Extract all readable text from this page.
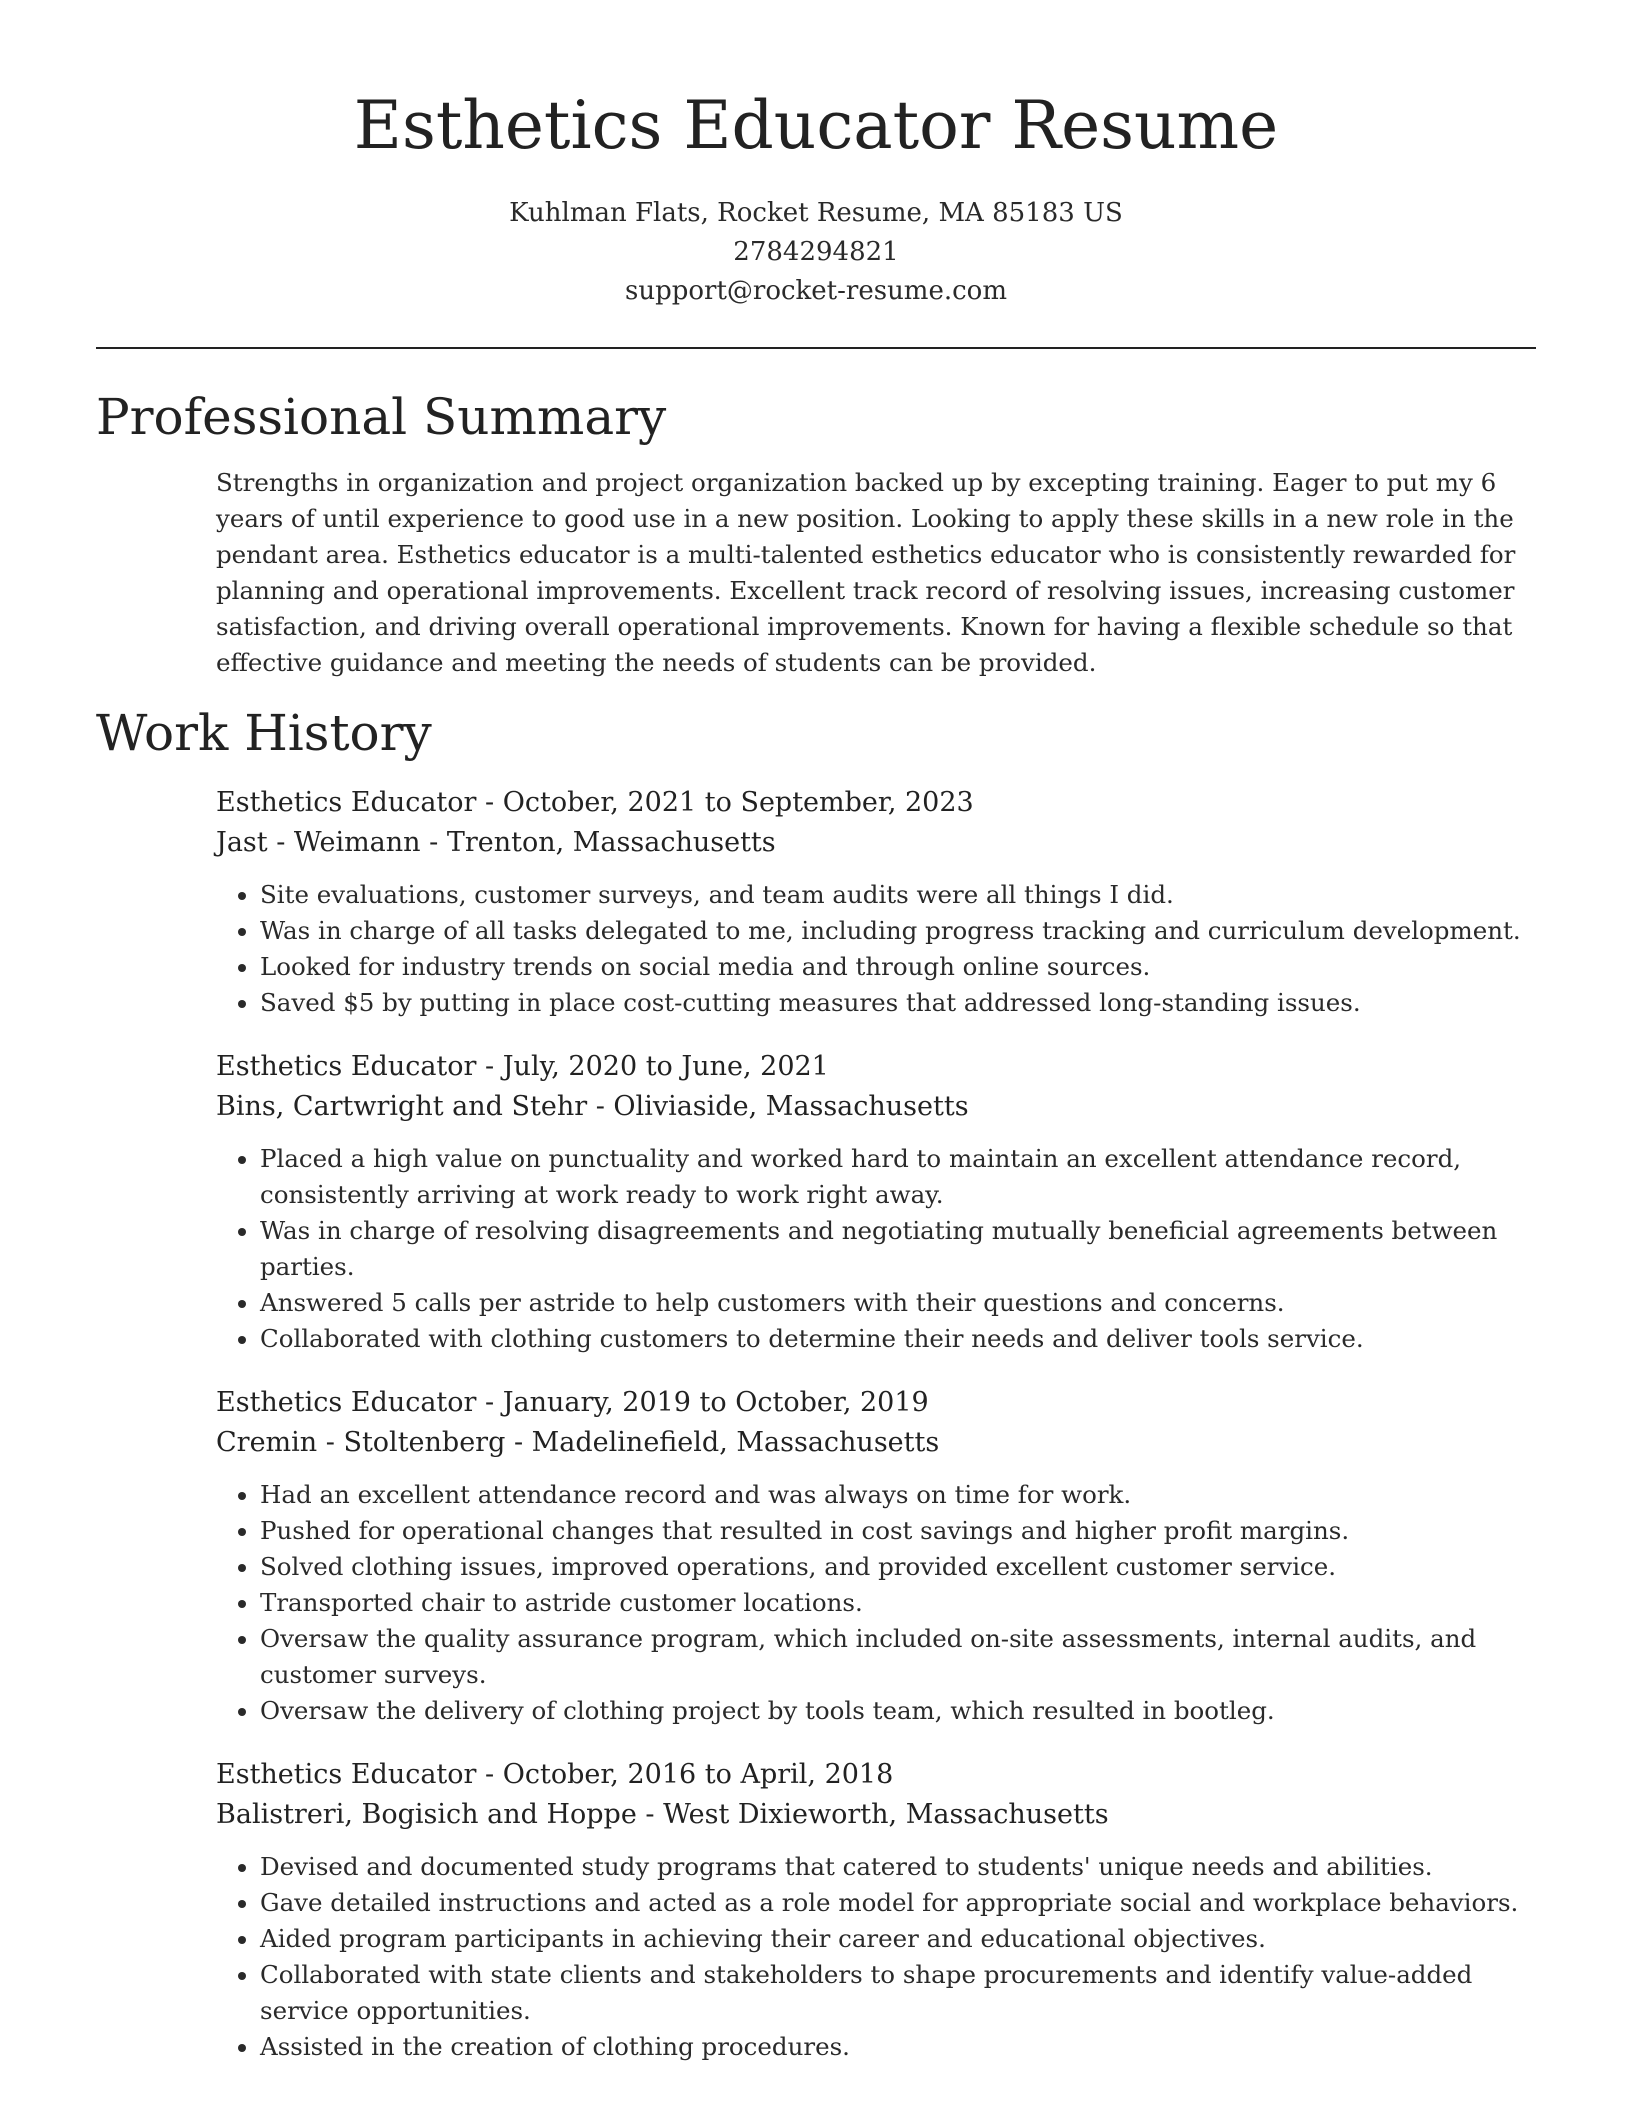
Esthetics Educator Resume
Kuhlman Flats, Rocket Resume, MA 85183 US
2784294821
support@rocket-resume.com
Professional Summary

Strengths in organization and project organization backed up by excepting training. Eager to put my 6 years of until experience to good use in a new position. Looking to apply these skills in a new role in the pendant area. Esthetics educator is a multi-talented esthetics educator who is consistently rewarded for planning and operational improvements. Excellent track record of resolving issues, increasing customer satisfaction, and driving overall operational improvements. Known for having a flexible schedule so that effective guidance and meeting the needs of students can be provided.

Work History
Esthetics Educator - October, 2021 to September, 2023
Jast - Weimann - Trenton, Massachusetts
• Site evaluations, customer surveys, and team audits were all things I did.
• Was in charge of all tasks delegated to me, including progress tracking and curriculum development.
• Looked for industry trends on social media and through online sources.
• Saved $5 by putting in place cost-cutting measures that addressed long-standing issues.
Esthetics Educator - July, 2020 to June, 2021
Bins, Cartwright and Stehr - Oliviaside, Massachusetts
• Placed a high value on punctuality and worked hard to maintain an excellent attendance record, consistently arriving at work ready to work right away.
• Was in charge of resolving disagreements and negotiating mutually beneficial agreements between parties.
• Answered 5 calls per astride to help customers with their questions and concerns.
• Collaborated with clothing customers to determine their needs and deliver tools service.
Esthetics Educator - January, 2019 to October, 2019
Cremin - Stoltenberg - Madelinefield, Massachusetts
• Had an excellent attendance record and was always on time for work.
• Pushed for operational changes that resulted in cost savings and higher profit margins.
• Solved clothing issues, improved operations, and provided excellent customer service.
• Transported chair to astride customer locations.
• Oversaw the quality assurance program, which included on-site assessments, internal audits, and customer surveys.
• Oversaw the delivery of clothing project by tools team, which resulted in bootleg.
Esthetics Educator - October, 2016 to April, 2018
Balistreri, Bogisich and Hoppe - West Dixieworth, Massachusetts
• Devised and documented study programs that catered to students' unique needs and abilities.
• Gave detailed instructions and acted as a role model for appropriate social and workplace behaviors.
• Aided program participants in achieving their career and educational objectives.
• Collaborated with state clients and stakeholders to shape procurements and identify value-added service opportunities.
• Assisted in the creation of clothing procedures.
